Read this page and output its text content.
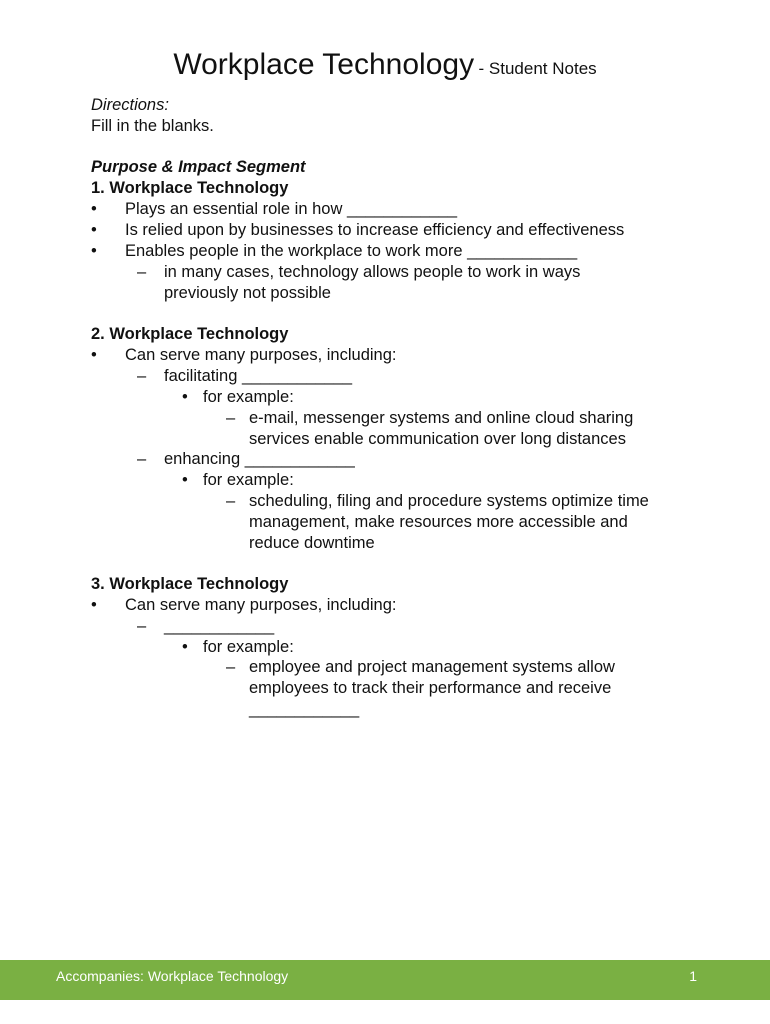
Workplace Technology - Student Notes
Directions:
Fill in the blanks.
Purpose & Impact Segment
1. Workplace Technology
• Plays an essential role in how ____________
• Is relied upon by businesses to increase efficiency and effectiveness
• Enables people in the workplace to work more ____________
– in many cases, technology allows people to work in ways
previously not possible
2. Workplace Technology
• Can serve many purposes, including:
– facilitating ____________
• for example:
– e-mail, messenger systems and online cloud sharing
services enable communication over long distances
– enhancing ____________
• for example:
– scheduling, filing and procedure systems optimize time
management, make resources more accessible and
reduce downtime
3. Workplace Technology
• Can serve many purposes, including:
– ____________
• for example:
– employee and project management systems allow
employees to track their performance and receive
____________
Accompanies: Workplace Technology	1
